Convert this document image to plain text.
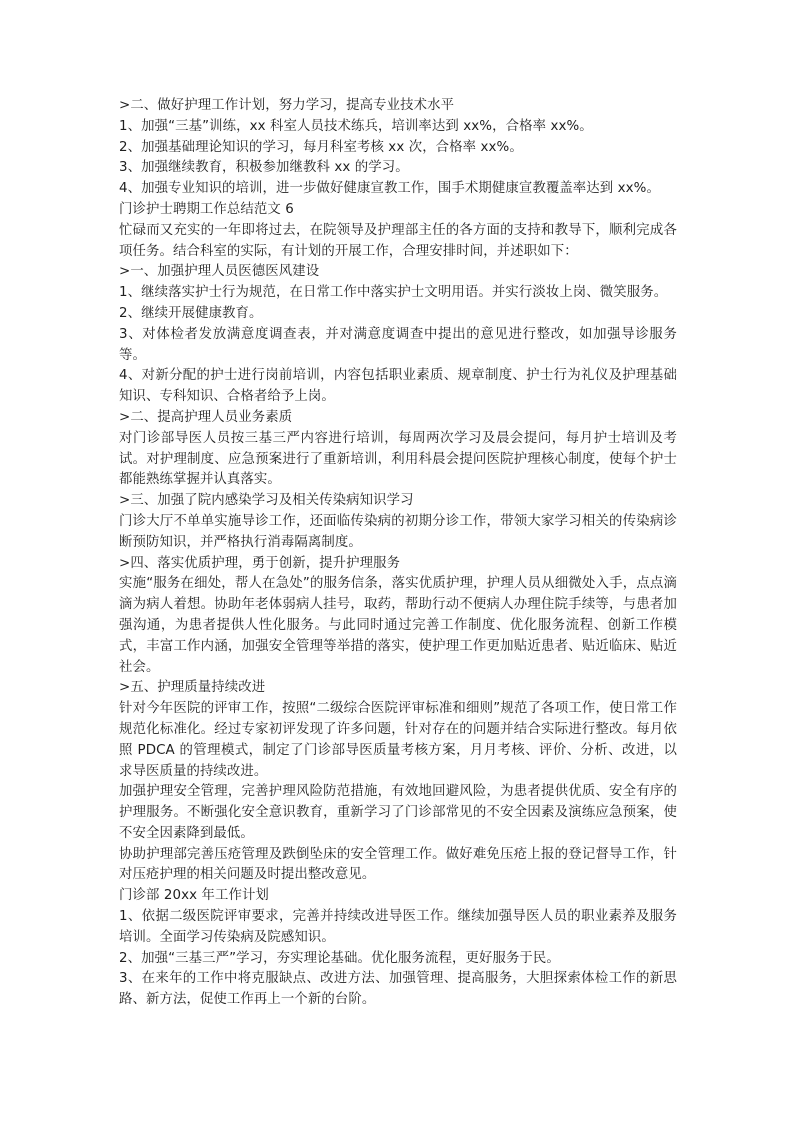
>二、做好护理工作计划，努力学习，提高专业技术水平

1、加强“三基”训练，xx 科室人员技术练兵，培训率达到 xx%，合格率 xx%。

2、加强基础理论知识的学习，每月科室考核 xx 次，合格率 xx%。

3、加强继续教育，积极参加继教科 xx 的学习。

4、加强专业知识的培训，进一步做好健康宣教工作，围手术期健康宣教覆盖率达到 xx%。

门诊护士聘期工作总结范文 6

忙碌而又充实的一年即将过去，在院领导及护理部主任的各方面的支持和教导下，顺利完成各项任务。结合科室的实际，有计划的开展工作，合理安排时间，并述职如下：

>一、加强护理人员医德医风建设

1、继续落实护士行为规范，在日常工作中落实护士文明用语。并实行淡妆上岗、微笑服务。

2、继续开展健康教育。

3、对体检者发放满意度调查表，并对满意度调查中提出的意见进行整改，如加强导诊服务等。

4、对新分配的护士进行岗前培训，内容包括职业素质、规章制度、护士行为礼仪及护理基础知识、专科知识、合格者给予上岗。

>二、提高护理人员业务素质

对门诊部导医人员按三基三严内容进行培训，每周两次学习及晨会提问，每月护士培训及考试。对护理制度、应急预案进行了重新培训，利用科晨会提问医院护理核心制度，使每个护士都能熟练掌握并认真落实。

>三、加强了院内感染学习及相关传染病知识学习

门诊大厅不单单实施导诊工作，还面临传染病的初期分诊工作，带领大家学习相关的传染病诊断预防知识，并严格执行消毒隔离制度。

>四、落实优质护理，勇于创新，提升护理服务

实施“服务在细处，帮人在急处”的服务信条，落实优质护理，护理人员从细微处入手，点点滴滴为病人着想。协助年老体弱病人挂号，取药，帮助行动不便病人办理住院手续等，与患者加强沟通，为患者提供人性化服务。与此同时通过完善工作制度、优化服务流程、创新工作模式，丰富工作内涵，加强安全管理等举措的落实，使护理工作更加贴近患者、贴近临床、贴近社会。

>五、护理质量持续改进

针对今年医院的评审工作，按照“二级综合医院评审标准和细则”规范了各项工作，使日常工作规范化标准化。经过专家初评发现了许多问题，针对存在的问题并结合实际进行整改。每月依照 PDCA 的管理模式，制定了门诊部导医质量考核方案，月月考核、评价、分析、改进，以求导医质量的持续改进。

加强护理安全管理，完善护理风险防范措施，有效地回避风险，为患者提供优质、安全有序的护理服务。不断强化安全意识教育，重新学习了门诊部常见的不安全因素及演练应急预案，使不安全因素降到最低。

协助护理部完善压疮管理及跌倒坠床的安全管理工作。做好难免压疮上报的登记督导工作，针对压疮护理的相关问题及时提出整改意见。

门诊部 20xx 年工作计划

1、依据二级医院评审要求，完善并持续改进导医工作。继续加强导医人员的职业素养及服务培训。全面学习传染病及院感知识。

2、加强“三基三严”学习，夯实理论基础。优化服务流程，更好服务于民。

3、在来年的工作中将克服缺点、改进方法、加强管理、提高服务，大胆探索体检工作的新思路、新方法，促使工作再上一个新的台阶。
